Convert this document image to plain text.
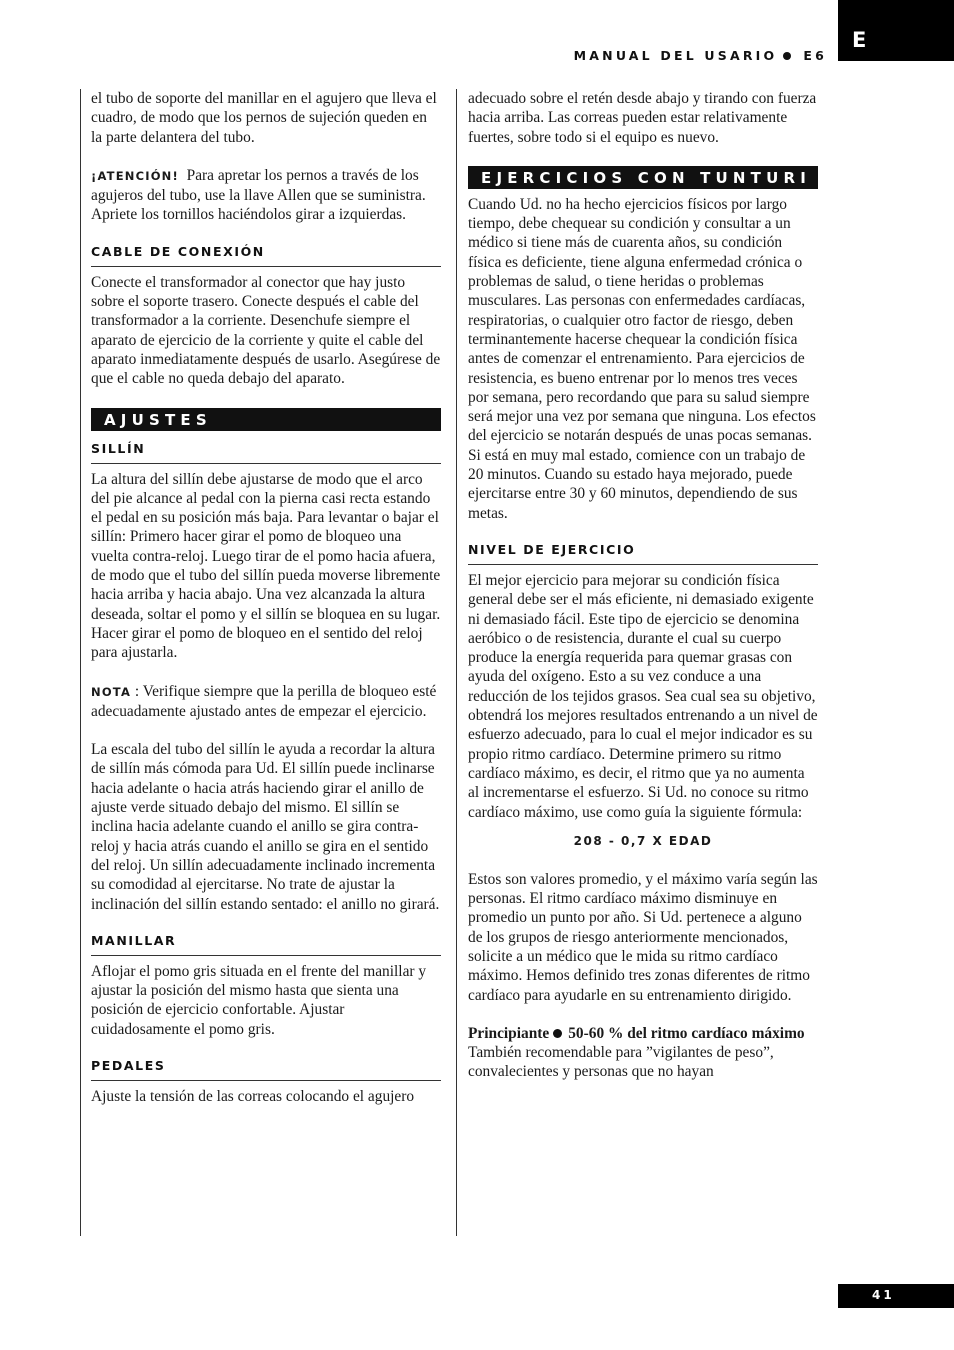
E
MANUAL DEL USARIO E6

el tubo de soporte del manillar en el agujero que lleva el cuadro, de modo que los pernos de sujeción queden en la parte delantera del tubo.

¡ATENCIÓN! Para apretar los pernos a través de los agujeros del tubo, use la llave Allen que se suministra. Apriete los tornillos haciéndolos girar a izquierdas.

CABLE DE CONEXIÓN

Conecte el transformador al conector que hay justo sobre el soporte trasero. Conecte después el cable del transformador a la corriente. Desenchufe siempre el aparato de ejercicio de la corriente y quite el cable del aparato inmediatamente después de usarlo. Asegúrese de que el cable no queda debajo del aparato.

AJUSTES
SILLÍN

La altura del sillín debe ajustarse de modo que el arco del pie alcance al pedal con la pierna casi recta estando el pedal en su posición más baja. Para levantar o bajar el sillín: Primero hacer girar el pomo de bloqueo una vuelta contra-reloj. Luego tirar de el pomo hacia afuera, de modo que el tubo del sillín pueda moverse libremente hacia arriba y hacia abajo. Una vez alcanzada la altura deseada, soltar el pomo y el sillín se bloquea en su lugar. Hacer girar el pomo de bloqueo en el sentido del reloj para ajustarla.

NOTA : Verifique siempre que la perilla de bloqueo esté adecuadamente ajustado antes de empezar el ejercicio.

La escala del tubo del sillín le ayuda a recordar la altura de sillín más cómoda para Ud. El sillín puede inclinarse hacia adelante o hacia atrás haciendo girar el anillo de ajuste verde situado debajo del mismo. El sillín se inclina hacia adelante cuando el anillo se gira contra-reloj y hacia atrás cuando el anillo se gira en el sentido del reloj. Un sillín adecuadamente inclinado incrementa su comodidad al ejercitarse. No trate de ajustar la inclinación del sillín estando sentado: el anillo no girará.

MANILLAR

Aflojar el pomo gris situada en el frente del manillar y ajustar la posición del mismo hasta que sienta una posición de ejercicio confortable. Ajustar cuidadosamente el pomo gris.

PEDALES

Ajuste la tensión de las correas colocando el agujero

adecuado sobre el retén desde abajo y tirando con fuerza hacia arriba. Las correas pueden estar relativamente fuertes, sobre todo si el equipo es nuevo.

EJERCICIOS CON TUNTURI

Cuando Ud. no ha hecho ejercicios físicos por largo tiempo, debe chequear su condición y consultar a un médico si tiene más de cuarenta años, su condición física es deficiente, tiene alguna enfermedad crónica o problemas de salud, o tiene heridas o problemas musculares. Las personas con enfermedades cardíacas, respiratorias, o cualquier otro factor de riesgo, deben terminantemente hacerse chequear la condición física antes de comenzar el entrenamiento. Para ejercicios de resistencia, es bueno entrenar por lo menos tres veces por semana, pero recordando que para su salud siempre será mejor una vez por semana que ninguna. Los efectos del ejercicio se notarán después de unas pocas semanas. Si está en muy mal estado, comience con un trabajo de 20 minutos. Cuando su estado haya mejorado, puede ejercitarse entre 30 y 60 minutos, dependiendo de sus metas.

NIVEL DE EJERCICIO

El mejor ejercicio para mejorar su condición física general debe ser el más eficiente, ni demasiado exigente ni demasiado fácil. Este tipo de ejercicio se denomina aeróbico o de resistencia, durante el cual su cuerpo produce la energía requerida para quemar grasas con ayuda del oxígeno. Esto a su vez conduce a una reducción de los tejidos grasos. Sea cual sea su objetivo, obtendrá los mejores resultados entrenando a un nivel de esfuerzo adecuado, para lo cual el mejor indicador es su propio ritmo cardíaco. Determine primero su ritmo cardíaco máximo, es decir, el ritmo que ya no aumenta al incrementarse el esfuerzo. Si Ud. no conoce su ritmo cardíaco máximo, use como guía la siguiente fórmula:

208 - 0,7 X EDAD

Estos son valores promedio, y el máximo varía según las personas. El ritmo cardíaco máximo disminuye en promedio un punto por año. Si Ud. pertenece a alguno de los grupos de riesgo anteriormente mencionados, solicite a un médico que le mida su ritmo cardíaco máximo. Hemos definido tres zonas diferentes de ritmo cardíaco para ayudarle en su entrenamiento dirigido.

Principiante 50-60 % del ritmo cardíaco máximo

También recomendable para ”vigilantes de peso”, convalecientes y personas que no hayan

41
